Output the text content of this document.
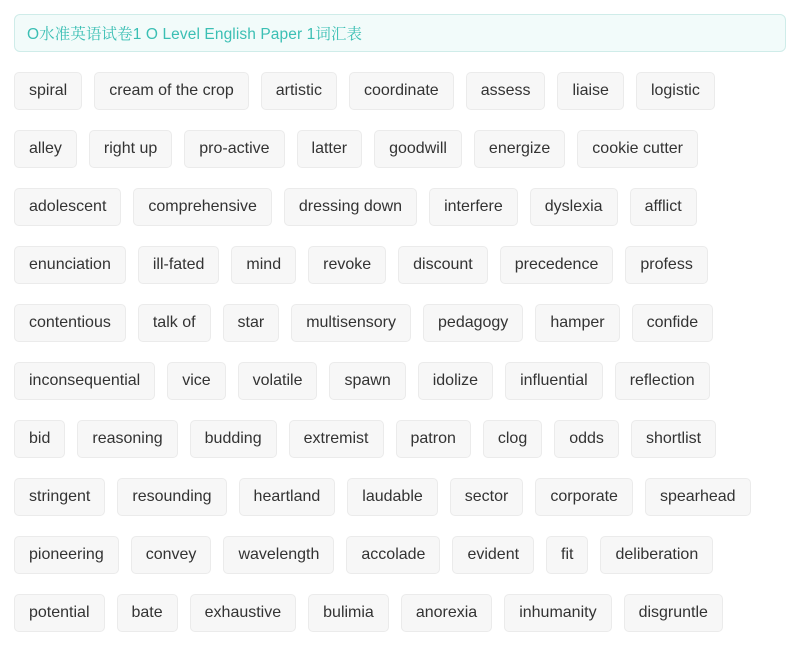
O水准英语试卷1 O Level English Paper 1词汇表
spiral	cream of the crop	artistic	coordinate	assess	liaise	logistic
alley	right up	pro-active	latter	goodwill	energize	cookie cutter
adolescent	comprehensive	dressing down	interfere	dyslexia	afflict
enunciation	ill-fated	mind	revoke	discount	precedence	profess
contentious	talk of	star	multisensory	pedagogy	hamper	confide
inconsequential	vice	volatile	spawn	idolize	influential	reflection
bid	reasoning	budding	extremist	patron	clog	odds	shortlist
stringent	resounding	heartland	laudable	sector	corporate	spearhead
pioneering	convey	wavelength	accolade	evident	fit	deliberation
potential	bate	exhaustive	bulimia	anorexia	inhumanity	disgruntle
